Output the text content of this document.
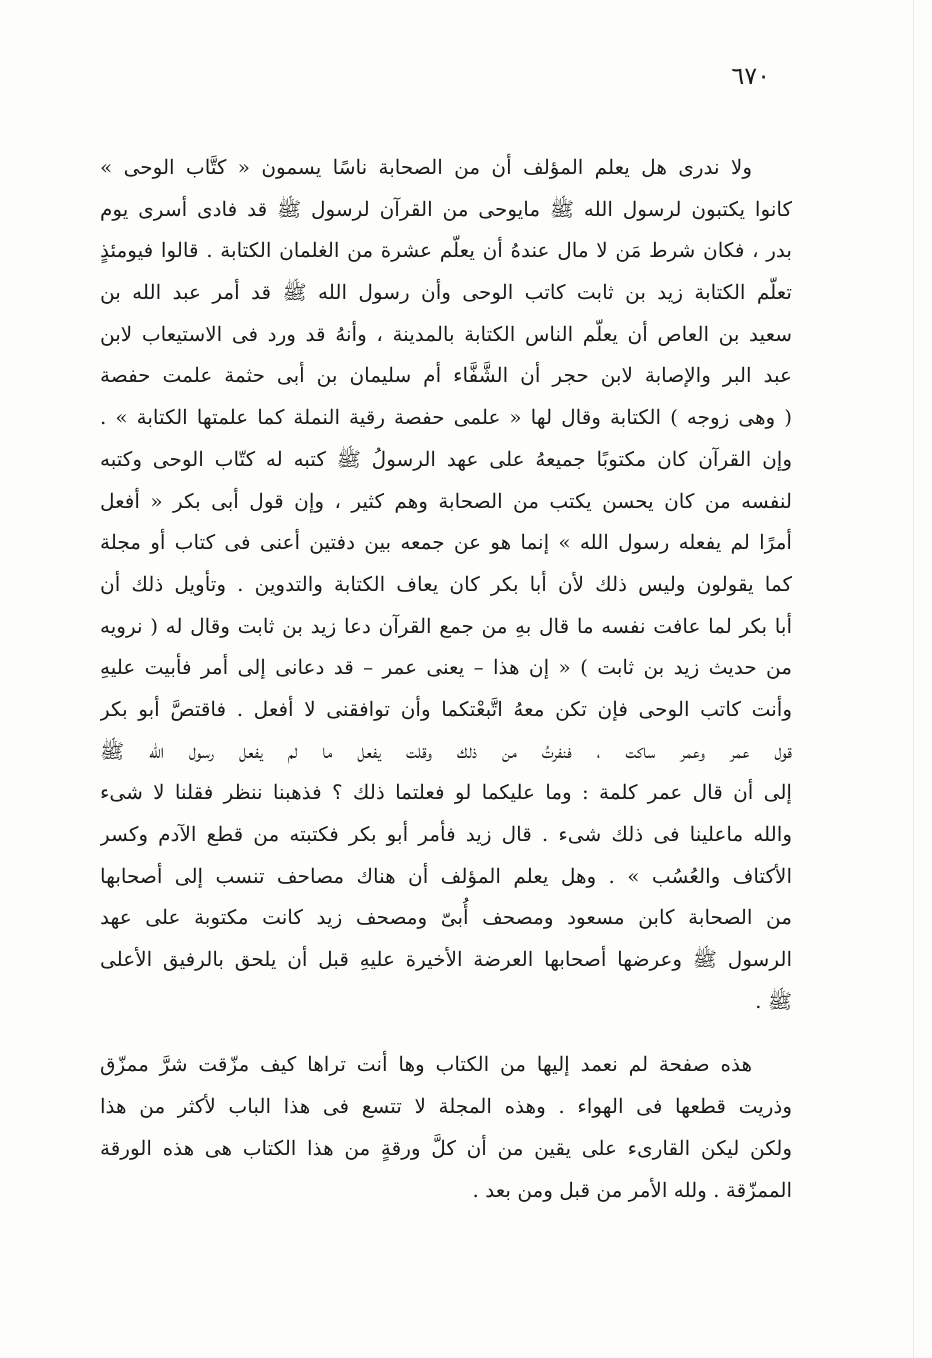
٦٧٠
ولا ندرى هل يعلم المؤلف أن من الصحابة ناسًا يسمون « كتَّاب الوحى »
كانوا يكتبون لرسول الله ﷺ مايوحى من القرآن لرسول ﷺ قد فادى أسرى يوم
بدر ، فكان شرط مَن لا مال عندهُ أن يعلّم عشرة من الغلمان الكتابة . قالوا فيومئذٍ
تعلّم الكتابة زيد بن ثابت كاتب الوحى وأن رسول الله ﷺ قد أمر عبد الله بن
سعيد بن العاص أن يعلّم الناس الكتابة بالمدينة ، وأنهُ قد ورد فى الاستيعاب لابن
عبد البر والإصابة لابن حجر أن الشَّفَّاء أم سليمان بن أبى حثمة علمت حفصة
( وهى زوجه ) الكتابة وقال لها « علمى حفصة رقية النملة كما علمتها الكتابة » .
وإن القرآن كان مكتوبًا جميعهُ على عهد الرسولُ ﷺ كتبه له كتّاب الوحى وكتبه
لنفسه من كان يحسن يكتب من الصحابة وهم كثير ، وإن قول أبى بكر « أفعل
أمرًا لم يفعله رسول الله » إنما هو عن جمعه بين دفتين أعنى فى كتاب أو مجلة
كما يقولون وليس ذلك لأن أبا بكر كان يعاف الكتابة والتدوين . وتأويل ذلك أن
أبا بكر لما عافت نفسه ما قال بهِ من جمع القرآن دعا زيد بن ثابت وقال له ( نرويه
من حديث زيد بن ثابت ) « إن هذا – يعنى عمر – قد دعانى إلى أمر فأبيت عليهِ
وأنت كاتب الوحى فإن تكن معهُ اتَّبعْتكما وأن توافقنى لا أفعل . فاقتصَّ أبو بكر
قول عمر وعمر ساكت ، فنفرتُ من ذلك وقلت يفعل ما لم يفعل رسول الله ﷺ
إلى أن قال عمر كلمة : وما عليكما لو فعلتما ذلك ؟ فذهبنا ننظر فقلنا لا شىء
والله ماعلينا فى ذلك شىء . قال زيد فأمر أبو بكر فكتبته من قطع الآدم وكسر
الأكتاف والعُسُب » . وهل يعلم المؤلف أن هناك مصاحف تنسب إلى أصحابها
من الصحابة كابن مسعود ومصحف أُبىّ ومصحف زيد كانت مكتوبة على عهد
الرسول ﷺ وعرضها أصحابها العرضة الأخيرة عليهِ قبل أن يلحق بالرفيق الأعلى
ﷺ .
هذه صفحة لم نعمد إليها من الكتاب وها أنت تراها كيف مزّقت شرَّ ممزّق
وذريت قطعها فى الهواء . وهذه المجلة لا تتسع فى هذا الباب لأكثر من هذا
ولكن ليكن القارىء على يقين من أن كلَّ ورقةٍ من هذا الكتاب هى هذه الورقة
الممزّقة . ولله الأمر من قبل ومن بعد .
